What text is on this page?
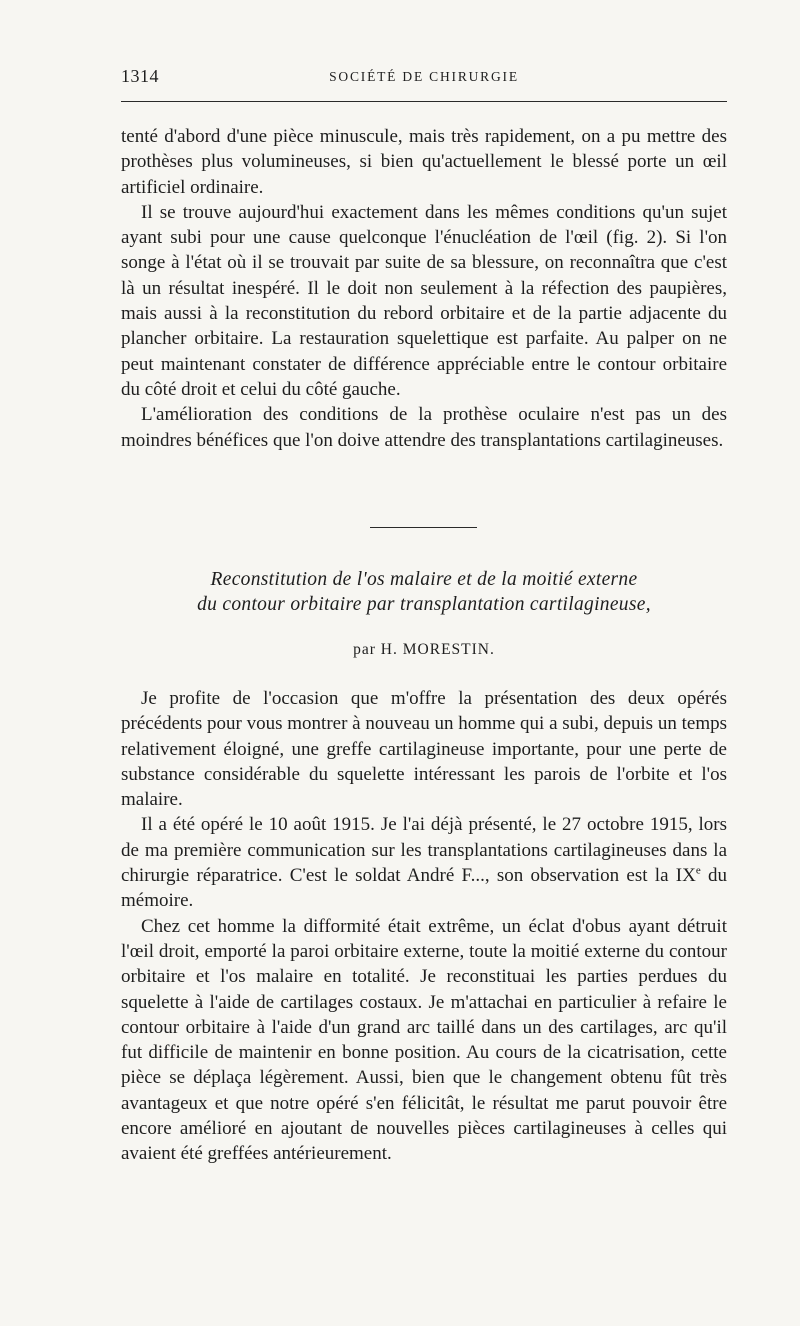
1314	SOCIÉTÉ DE CHIRURGIE

tenté d'abord d'une pièce minuscule, mais très rapidement, on a pu mettre des prothèses plus volumineuses, si bien qu'actuellement le blessé porte un œil artificiel ordinaire.

Il se trouve aujourd'hui exactement dans les mêmes conditions qu'un sujet ayant subi pour une cause quelconque l'énucléation de l'œil (fig. 2). Si l'on songe à l'état où il se trouvait par suite de sa blessure, on reconnaîtra que c'est là un résultat inespéré. Il le doit non seulement à la réfection des paupières, mais aussi à la reconstitution du rebord orbitaire et de la partie adjacente du plancher orbitaire. La restauration squelettique est parfaite. Au palper on ne peut maintenant constater de différence appréciable entre le contour orbitaire du côté droit et celui du côté gauche.

L'amélioration des conditions de la prothèse oculaire n'est pas un des moindres bénéfices que l'on doive attendre des transplantations cartilagineuses.

Reconstitution de l'os malaire et de la moitié externe
du contour orbitaire par transplantation cartilagineuse,
par H. MORESTIN.

Je profite de l'occasion que m'offre la présentation des deux opérés précédents pour vous montrer à nouveau un homme qui a subi, depuis un temps relativement éloigné, une greffe cartilagineuse importante, pour une perte de substance considérable du squelette intéressant les parois de l'orbite et l'os malaire.

Il a été opéré le 10 août 1915. Je l'ai déjà présenté, le 27 octobre 1915, lors de ma première communication sur les transplantations cartilagineuses dans la chirurgie réparatrice. C'est le soldat André F..., son observation est la IXe du mémoire.

Chez cet homme la difformité était extrême, un éclat d'obus ayant détruit l'œil droit, emporté la paroi orbitaire externe, toute la moitié externe du contour orbitaire et l'os malaire en totalité. Je reconstituai les parties perdues du squelette à l'aide de cartilages costaux. Je m'attachai en particulier à refaire le contour orbitaire à l'aide d'un grand arc taillé dans un des cartilages, arc qu'il fut difficile de maintenir en bonne position. Au cours de la cicatrisation, cette pièce se déplaça légèrement. Aussi, bien que le changement obtenu fût très avantageux et que notre opéré s'en félicitât, le résultat me parut pouvoir être encore amélioré en ajoutant de nouvelles pièces cartilagineuses à celles qui avaient été greffées antérieurement.
